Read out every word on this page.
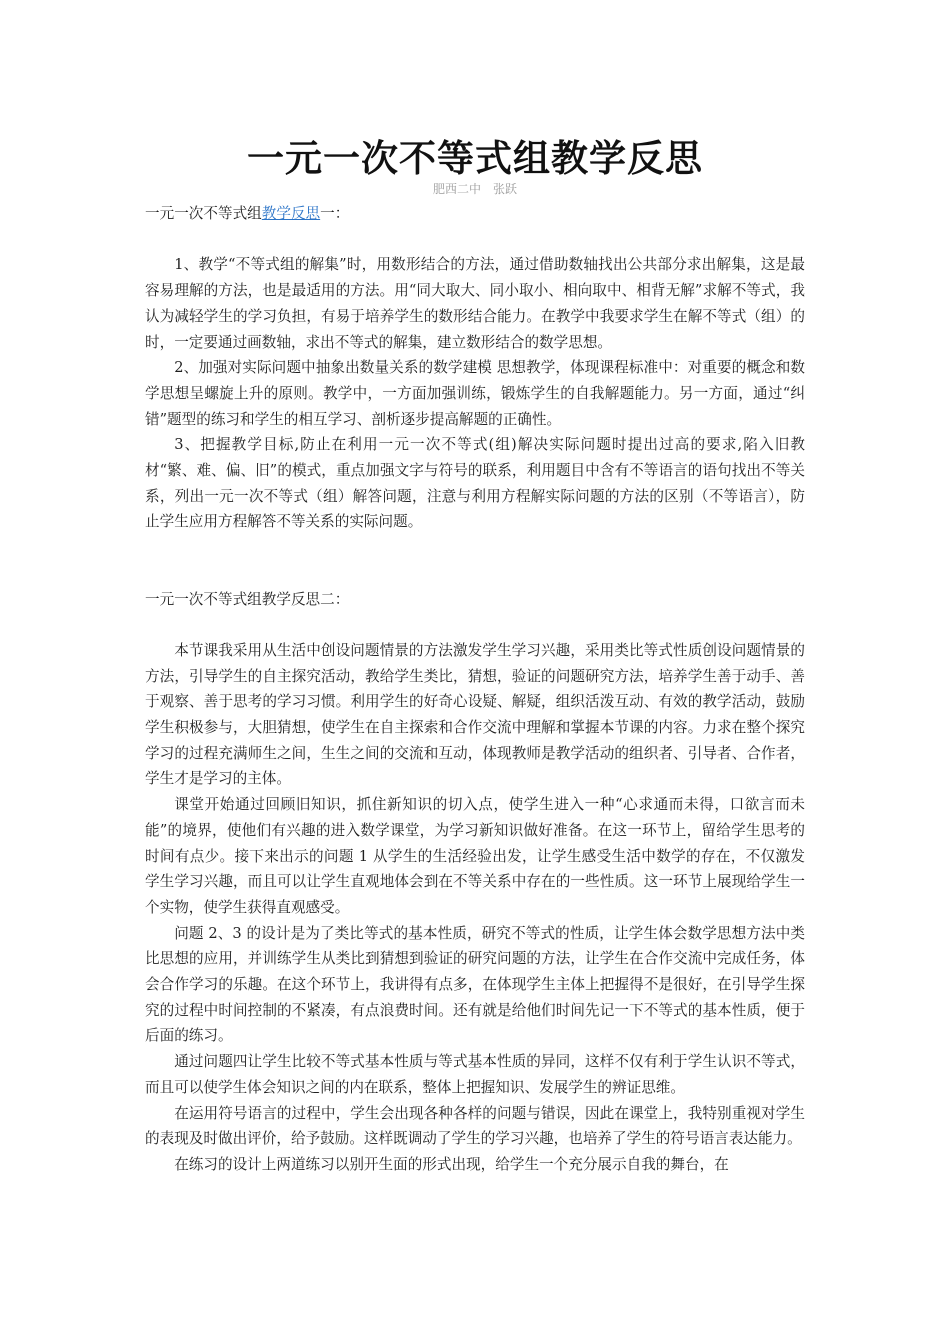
一元一次不等式组教学反思
肥西二中　张跃

一元一次不等式组教学反思一：

1、教学“不等式组的解集”时，用数形结合的方法，通过借助数轴找出公共部分求出解集，这是最容易理解的方法，也是最适用的方法。用“同大取大、同小取小、相向取中、相背无解”求解不等式，我认为减轻学生的学习负担，有易于培养学生的数形结合能力。在教学中我要求学生在解不等式（组）的时，一定要通过画数轴，求出不等式的解集，建立数形结合的数学思想。

2、加强对实际问题中抽象出数量关系的数学建模 思想教学，体现课程标准中：对重要的概念和数学思想呈螺旋上升的原则。教学中，一方面加强训练，锻炼学生的自我解题能力。另一方面，通过“纠错”题型的练习和学生的相互学习、剖析逐步提高解题的正确性。

3、把握教学目标,防止在利用一元一次不等式(组)解决实际问题时提出过高的要求,陷入旧教材“繁、难、偏、旧”的模式，重点加强文字与符号的联系，利用题目中含有不等语言的语句找出不等关系，列出一元一次不等式（组）解答问题，注意与利用方程解实际问题的方法的区别（不等语言），防止学生应用方程解答不等关系的实际问题。

一元一次不等式组教学反思二：

本节课我采用从生活中创设问题情景的方法激发学生学习兴趣，采用类比等式性质创设问题情景的方法，引导学生的自主探究活动，教给学生类比，猜想，验证的问题研究方法，培养学生善于动手、善于观察、善于思考的学习习惯。利用学生的好奇心设疑、解疑，组织活泼互动、有效的教学活动，鼓励学生积极参与，大胆猜想，使学生在自主探索和合作交流中理解和掌握本节课的内容。力求在整个探究学习的过程充满师生之间，生生之间的交流和互动，体现教师是教学活动的组织者、引导者、合作者，学生才是学习的主体。

课堂开始通过回顾旧知识，抓住新知识的切入点，使学生进入一种“心求通而未得，口欲言而未能”的境界，使他们有兴趣的进入数学课堂，为学习新知识做好准备。在这一环节上，留给学生思考的时间有点少。接下来出示的问题 1 从学生的生活经验出发，让学生感受生活中数学的存在，不仅激发学生学习兴趣，而且可以让学生直观地体会到在不等关系中存在的一些性质。这一环节上展现给学生一个实物，使学生获得直观感受。

问题 2、3 的设计是为了类比等式的基本性质，研究不等式的性质，让学生体会数学思想方法中类比思想的应用，并训练学生从类比到猜想到验证的研究问题的方法，让学生在合作交流中完成任务，体会合作学习的乐趣。在这个环节上，我讲得有点多，在体现学生主体上把握得不是很好，在引导学生探究的过程中时间控制的不紧凑，有点浪费时间。还有就是给他们时间先记一下不等式的基本性质，便于后面的练习。

通过问题四让学生比较不等式基本性质与等式基本性质的异同，这样不仅有利于学生认识不等式，而且可以使学生体会知识之间的内在联系，整体上把握知识、发展学生的辨证思维。

在运用符号语言的过程中，学生会出现各种各样的问题与错误，因此在课堂上，我特别重视对学生的表现及时做出评价，给予鼓励。这样既调动了学生的学习兴趣，也培养了学生的符号语言表达能力。

在练习的设计上两道练习以别开生面的形式出现，给学生一个充分展示自我的舞台，在
